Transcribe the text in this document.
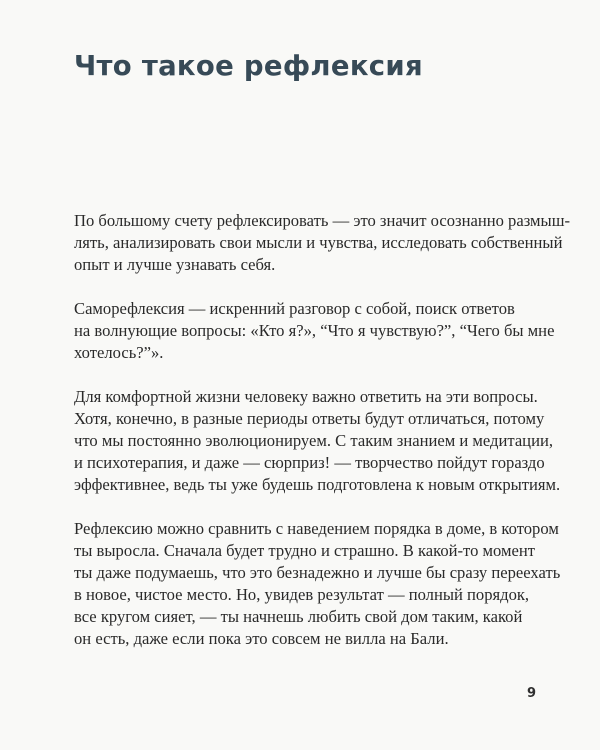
Что такое рефлексия

По большому счету рефлексировать — это значит осознанно размыш-
лять, анализировать свои мысли и чувства, исследовать собственный
опыт и лучше узнавать себя.

Саморефлексия — искренний разговор с собой, поиск ответов
на волнующие вопросы: «Кто я?», “Что я чувствую?”, “Чего бы мне
хотелось?”».

Для комфортной жизни человеку важно ответить на эти вопросы.
Хотя, конечно, в разные периоды ответы будут отличаться, потому
что мы постоянно эволюционируем. С таким знанием и медитации,
и психотерапия, и даже — сюрприз! — творчество пойдут гораздо
эффективнее, ведь ты уже будешь подготовлена к новым открытиям.

Рефлексию можно сравнить с наведением порядка в доме, в котором
ты выросла. Сначала будет трудно и страшно. В какой-то момент
ты даже подумаешь, что это безнадежно и лучше бы сразу переехать
в новое, чистое место. Но, увидев результат — полный порядок,
все кругом сияет, — ты начнешь любить свой дом таким, какой
он есть, даже если пока это совсем не вилла на Бали.

9
